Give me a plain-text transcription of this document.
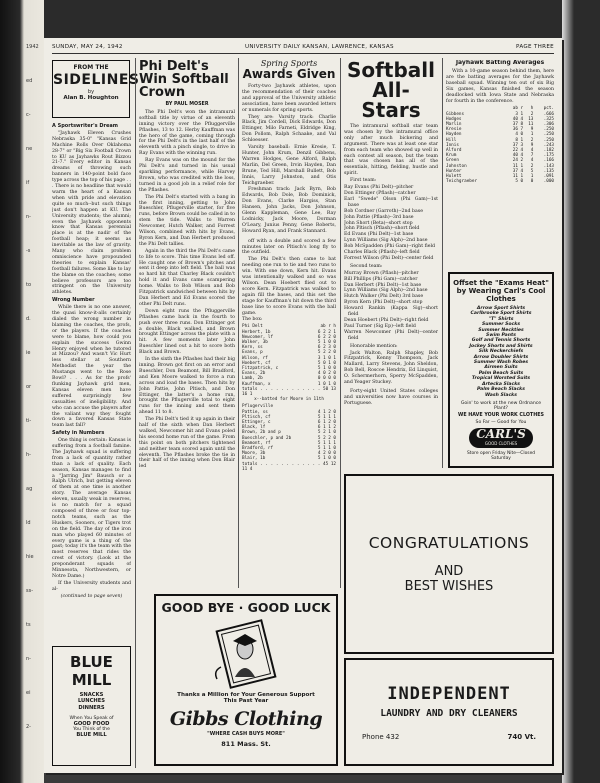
1942
ed
c-
ne
if
n-
-s
to
d.
ie
or
ti-
h-
ag
ld
hie
ss-
ts
n-
ei
2-
SUNDAY, MAY 24, 1942	UNIVERSITY DAILY KANSAN, LAWRENCE, KANSAS	PAGE THREE
FROM THE
SIDELINES
by
Alan B. Houghton

A Sportswriter's Dream

"Jayhawk Eleven Crushes Nebraska 35-0" "Kansas Grid Machine Rolls Over Oklahoma 28-7" or "Big Six Football Crown to KU as Jayhawks Rout Bizzou 21-7." Every editor in Kansas dreams of throwing such banners in 140-point bold face type across the top of his page . . . There is no headline that would warm the heart of a Kansan when with pride and elevation quite so much--but such things just don't happen at KU. The University students; the alumni; even the Jayhawk opponents know that Kansas perennial place is at the nadir of the football heap; it seems as inevitable as the law of gravity. Many who claim problem omniscience have propounded theories to explain Kansas' football failures. Some like to lay the blame on the coaches; some believe professors are too stringent on the University athletes.

Wrong Number

While there is no one answer, the quasi know-it-alls certainly dialed the wrong number in blaming the coaches, the profs, or the players. If the coaches were to blame, how could you explain the success Gwinn Henry enjoyed when he tutored at Mizzou? And wasn't Vic Hurt less stellar at Southern Methodist the year the Mustangs went to the Rose Bowl? . . . As for the profs' flunking Jayhawk grid men, Kansas eleven men have suffered surprisingly few casualties of ineligibility. And who can accuse the players after the valiant way they fought down a favored Kansas State team last fall?

Safety in Numbers

One thing is certain: Kansas is suffering from a football famine. The Jayhawk squad is suffering from a lack of quantity rather than a lack of quality. Each season, Kansas manages to find a "Jarring Jim" Bausch or a Ralph Ulrich, but getting eleven of them at one time is another story. The average Kansas eleven, usually weak in reserves, is no match for a squad composed of three or four top-notch teams, such as the Huskers, Sooners, or Tigers trot on the field. The day of the iron man who played 60 minutes of every game is a thing of the past; today it's the team with the most reserves that rides the crest of victory. (Look at the preponderant squads of Minnesota, Northwestern, or Notre Dame.)

If the University students and al-

(continued to page seven)

BLUE
MILL
SNACKS
LUNCHES
DINNERS
When You Speak of
GOOD FOOD
You Think of the
BLUE MILL
Phi Delt's Win Softball Crown
BY PAUL MOSER

The Phi Delt's won the intramural softball title by virtue of an eleventh inning victory over the Pfluggerville Pflashes, 13 to 12. Herby Kauffman was the hero of the game, coming through for the Phi Delt's in the last half of the eleventh with a pinch single, to drive in Ray Evans with the winning run.

Ray Evans was on the mound for the Phi Delt's and turned in his usual sparkling performance, while Harvey Brown, who was credited with the loss, turned in a good job in a relief role for the Pflashes.

The Phi Delt's started with a bang in the first inning, getting to John Bueschler, Pflugerville starter, for five runs, before Brown could be called in to stem the tide. Walks to Warren Newcomer, Hutch Walker, and Forrest Wilson, combined with hits by Evans, Byron Kern, and Dan Herbert produced the Phi Delt tallies.

Again in the third the Phi Delt's came to life to score. This time Evans led off. He caught one of Brown's pitches and sent it deep into left field. The ball was so hard hit that Charley Black couldn't hold it and Evans came scampering home. Walks to Bob Wilson and Bob Fitzpatrick sandwiched between hits by Dan Herbert and Ed Evans scored the other Phi Delt runs.

Down eight runs the Pfluggerville Pflashes came back in the fourth to push over three runs. Don Ettinger got a double, Black walked, and Brown brought Ettinger across the plate with a hit. A few moments later John Bueschler lined out a hit to score both Black and Brown.

In the sixth the Pflashes had their big inning. Brown got first on an error and Bueschler, Don Beamont, Bill Bradford, and Ken Moore walked to force a run across and load the bases. Then hits by John Pattie, John Pltisch, and Don Ettinger, the latter's a home run, brought the Pflugerville total to eight runs for the inning and sent them ahead 11 to 8.

The Phi Delt's tied it up again in their half of the sixth when Dan Herbert walked, Newcomer hit and Evans poled his second home run of the game. From this point on both pitchers tightened and neither team scored again until the eleventh. The Pflashes broke the tie in their half of the inning when Don Blair led

Spring Sports
Awards Given

Forty-two Jayhawk athletes, upon the recommendation of their coaches and approval of the University athletic association, have been awarded letters or numerals for spring sports.

They are: Varsity track: Charlie Black, Jim Cordell, Dick Edwards, Don Ettinger, Milo Farneti, Eldridge King, Don Pollom, Ralph Schaake, and Val Schloesser.

Varsity baseball: Ernie Kresie, T. Hunter, John Krum, Denzil Gibbens, Warren Hodges, Gene Alford, Ralph Marlin, Del Green, Irvin Hayden, Dan Brune, Ted Hill, Marshall Bullett, Bob Innis, Larry Johnston, and Otis Teichgraeber.

Freshman track: Jack Byrn, Bob Edwards, Bob Dole, Bob Dominick, Don Evans, Clarke Hargiss, Stan Hansen, John Jacks, Don Johnson, Glenn Kappleman, Gene Lee, Ray Lodnicky, Jack Moore, Dorman O'Leary, Junius Penny, Gene Roberts, Howard Ryan, and Frank Stannard.

off with a double and scored a few minutes later on Pltisch's long fly to the outfield.

The Phi Delt's then came to bat needing one run to tie and two runs to win. With one down, Kern hit. Evans was intentionally walked and so was Wilson. Dean Hoebert flied out to score Kern. Fitzpatrick was walked to again fill the bases, and this set the stage for Kauffman's hit down the third base line to score Evans with the ball game.

The box:

Phi Delt	ab r h
Herbert, 1b	6 2 2 1
Newcomer, lf	6 2 2 0
Walker, 3b	5 1 0 0
Kern, ss	6 2 3 0
Evans, p	5 2 2 0
Wilson, rf	3 1 0 1
Hoebert, cf	5 0 1 0
Fitzpatrick, c	5 1 0 0
Evans, 2b	4 0 2 0
Lamb, 2b	0 0 0 0
Kauffman, x	1 0 1 0
totals . . . . . . . . . . . . 50 13 16 1	
x--batted for Moore in 11th	
Pflugerville	
Pattie, ss	4 1 2 0
Pltisch, cf	5 1 1 1
Ettinger, c	6 1 2 0
Black, lf	6 1 1 2
Brown, 2b and p	5 2 1 0
Bueschler, p and 2b	5 2 2 0
Beamont, rf	5 1 1 1
Bradford, rf	5 1 1 0
Moore, 3b	4 2 0 0
Blair, 1b	5 1 0 0
totals . . . . . . . . . . . . 45 12 11 4	
Softball
All-Stars

The intramural softball star team was chosen by the intramural office only after much bickering and argument. There was at least one star from each team who showed up well in each contest all season, but the team that was chosen has all of the essentials, hitting, fielding, hustle and spirit.

First team:

Ray Evans (Phi Delt)--pitcher
Don Ettinger (Pflash)--catcher
Earl "Swede" Olson (Phi Gam)--1st base
Bob Cordner (Garroth)--2nd base
John Pattie (Pflash)--3rd base
John Short (Beta)--short stop
John Pltisch (Pflash)--short field
Ed Evans (Phi Delt)--1st base
Lynn Williams (Sig Alph)--2nd base
Bob McSpadden (Phi Gam)--right field
Charles Black (Pflash)--left field
Forrest Wilson (Phi Delt)--center field

Second team:

Murray Brown (Pflash)--pitcher
Bill Phillips (Phi Gam)--catcher
Dan Herbert (Phi Delt)--1st base
Lynn Williams (Sig Alph)--2nd base
Hutch Walker (Phi Delt) 3rd base
Byron Kern (Phi Delt)--short stop
Howard Rankin (Kappa Sig)--short field
Dean Hoebert (Phi Delt)--right field
Paul Turner (Sig Ep)--left field
Warren Newcomer (Phi Delt)--center field

Honorable mention:

Jack Walton, Ralph Shapley, Bob Fitzpatrick, Kenny Thompson, Jack Mallard, Larry Stevens, John Sheldon, Bob Bell, Roscoe Hendrix, Ed Linquist, O. Schermerhorn, Sperry McSpadden, and Yeager Stuckey.

Forty-eight United States colleges and universities now have courses in Portuguese.

Jayhawk Batting Averages

With a 10-game season behind them, here are the batting averages for the Jayhawk baseball squad. Winning ten out of six Big Six games, Kansas finished the season deadlocked with Iowa State and Nebraska for fourth in the conference.

	ab	r	h	pct.
Gibbens	3	1	2	.666
Hodges	40	4	13	.325
Marlin	37	8	11	.306
Kresie	36	7	9	.250
Hayden	4	0	1	.250
Hill	8	1	2	.250
Innis	37	3	9	.243
Alford	22	4	4	.182
Krum	40	4	7	.175
Green	24	2	4	.166
Johnston	11	1	2	.143
Hunter	37	4	5	.135
Hulett	11	1	1	.091
Teichgraeber	5	0	0	.000
Offset the "Exams Heat" by Wearing Carl's Cool Clothes
Arrow Sport Shirts
Carlbrooke Sport Shirts
"T" Shirts
Summer Socks
Summer Neckties
Swim Pants
Golf and Tennis Shorts
Jockey Shorts and Shirts
Silk Neckerchiefs
Arrow Doubler Shirts
Summer Wash Robes
Airmen Suits
Palm Beach Suits
Tropical Worsted Suits
Artecka Slacks
Palm Beach Slacks
Wash Slacks
Goin' to work at the new Ordnance Plant?
WE HAVE YOUR WORK CLOTHES
So Far — Good for You
CARL'S
GOOD CLOTHES
Store open Friday Nite—Closed Saturday
GOOD BYE · GOOD LUCK
Thanks a Million for Your Generous Support
This Past Year
Gibbs Clothing
"WHERE CASH BUYS MORE"
811 Mass. St.
CONGRATULATIONS
AND
BEST WISHES
INDEPENDENT
LAUNDRY AND DRY CLEANERS
Phone 432	740 Vt.
